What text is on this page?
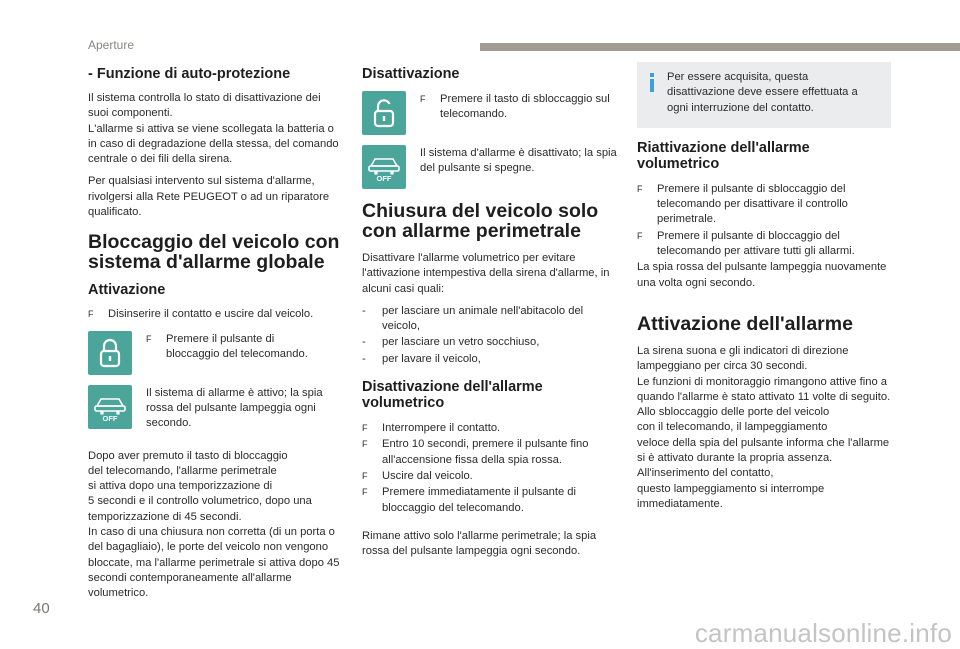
Aperture
- Funzione di auto-protezione

Il sistema controlla lo stato di disattivazione dei suoi componenti.
L'allarme si attiva se viene scollegata la batteria o in caso di degradazione della stessa, del comando centrale o dei fili della sirena.

Per qualsiasi intervento sul sistema d'allarme, rivolgersi alla Rete PEUGEOT o ad un riparatore qualificato.

Bloccaggio del veicolo con
sistema d'allarme globale
Attivazione
F	Disinserire il contatto e uscire dal veicolo.
F	Premere il pulsante di
bloccaggio del telecomando.
OFF

Il sistema di allarme è attivo; la spia rossa del pulsante lampeggia ogni secondo.

Dopo aver premuto il tasto di bloccaggio
del telecomando, l'allarme perimetrale
si attiva dopo una temporizzazione di
5 secondi e il controllo volumetrico, dopo una temporizzazione di 45 secondi.
In caso di una chiusura non corretta (di un porta o del bagagliaio), le porte del veicolo non vengono bloccate, ma l'allarme perimetrale si attiva dopo 45 secondi contemporaneamente all'allarme volumetrico.

Disattivazione
F	Premere il tasto di sbloccaggio sul telecomando.
OFF

Il sistema d'allarme è disattivato; la spia del pulsante si spegne.

Chiusura del veicolo solo
con allarme perimetrale

Disattivare l'allarme volumetrico per evitare l'attivazione intempestiva della sirena d'allarme, in alcuni casi quali:

-	per lasciare un animale nell'abitacolo del veicolo,
-	per lasciare un vetro socchiuso,
-	per lavare il veicolo,
Disattivazione dell'allarme
volumetrico
F	Interrompere il contatto.
F	Entro 10 secondi, premere il pulsante fino all'accensione fissa della spia rossa.
F	Uscire dal veicolo.
F	Premere immediatamente il pulsante di bloccaggio del telecomando.

Rimane attivo solo l'allarme perimetrale; la spia rossa del pulsante lampeggia ogni secondo.

Per essere acquisita, questa disattivazione deve essere effettuata a ogni interruzione del contatto.

Riattivazione dell'allarme
volumetrico
F	Premere il pulsante di sbloccaggio del telecomando per disattivare il controllo perimetrale.
F	Premere il pulsante di bloccaggio del telecomando per attivare tutti gli allarmi.

La spia rossa del pulsante lampeggia nuovamente una volta ogni secondo.

Attivazione dell'allarme

La sirena suona e gli indicatori di direzione lampeggiano per circa 30 secondi.
Le funzioni di monitoraggio rimangono attive fino a quando l'allarme è stato attivato 11 volte di seguito.
Allo sbloccaggio delle porte del veicolo
con il telecomando, il lampeggiamento
veloce della spia del pulsante informa che l'allarme si è attivato durante la propria assenza. All'inserimento del contatto,
questo lampeggiamento si interrompe immediatamente.

40
carmanualsonline.info
